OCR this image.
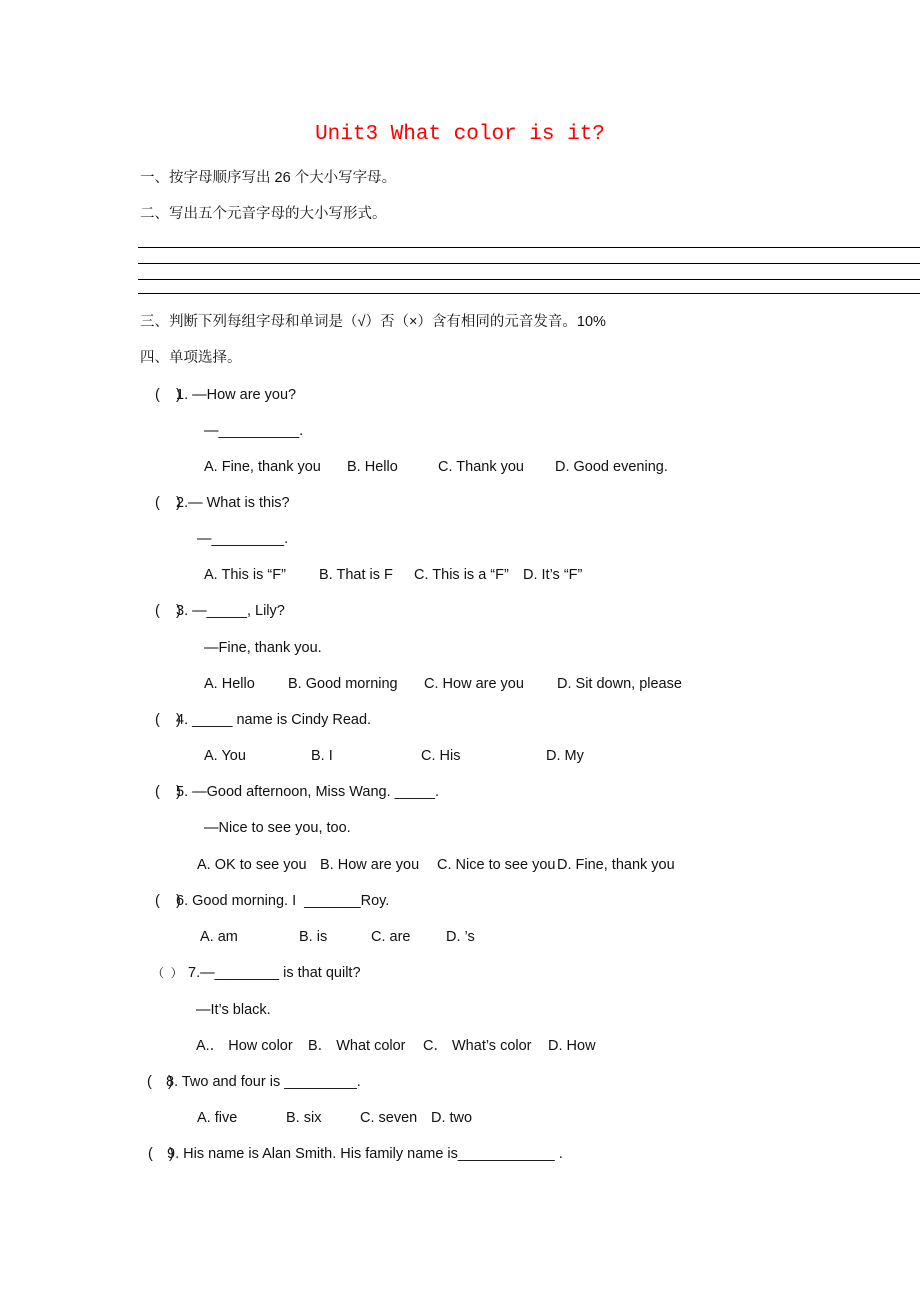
Unit3 What color is it?
一、按字母顺序写出 26 个大小写字母。
二、写出五个元音字母的大小写形式。
三、判断下列每组字母和单词是（√）否（×）含有相同的元音发音。10%
四、单项选择。
(    )
1. —How are you?
—__________.
A. Fine, thank you B. Hello	C. Thank you D. Good evening.
(    )
2.— What is this?
—_________.
A. This is “F” B. That is F C. This is a “F” D. It’s “F”
(    )
3. —_____, Lily?
—Fine, thank you.
A. Hello B. Good morning C. How are you D. Sit down, please
(    )
4. _____ name is Cindy Read.
A. You	B. I	C. His	D. My
(    )
5. —Good afternoon, Miss Wang. _____.
—Nice to see you, too.
A. OK to see you B. How are you C. Nice to see you D. Fine, thank you
(    )
6. Good morning. I  _______Roy.
A. am	B. is	C. are D. ’s
（  ） 7.—________ is that quilt?
—It’s black.
A.． How color B． What color C． What’s color D. How
(    )
8. Two and four is _________.
A. five	B. six	C. seven D. two
(    )
9. His name is Alan Smith. His family name is____________ .
